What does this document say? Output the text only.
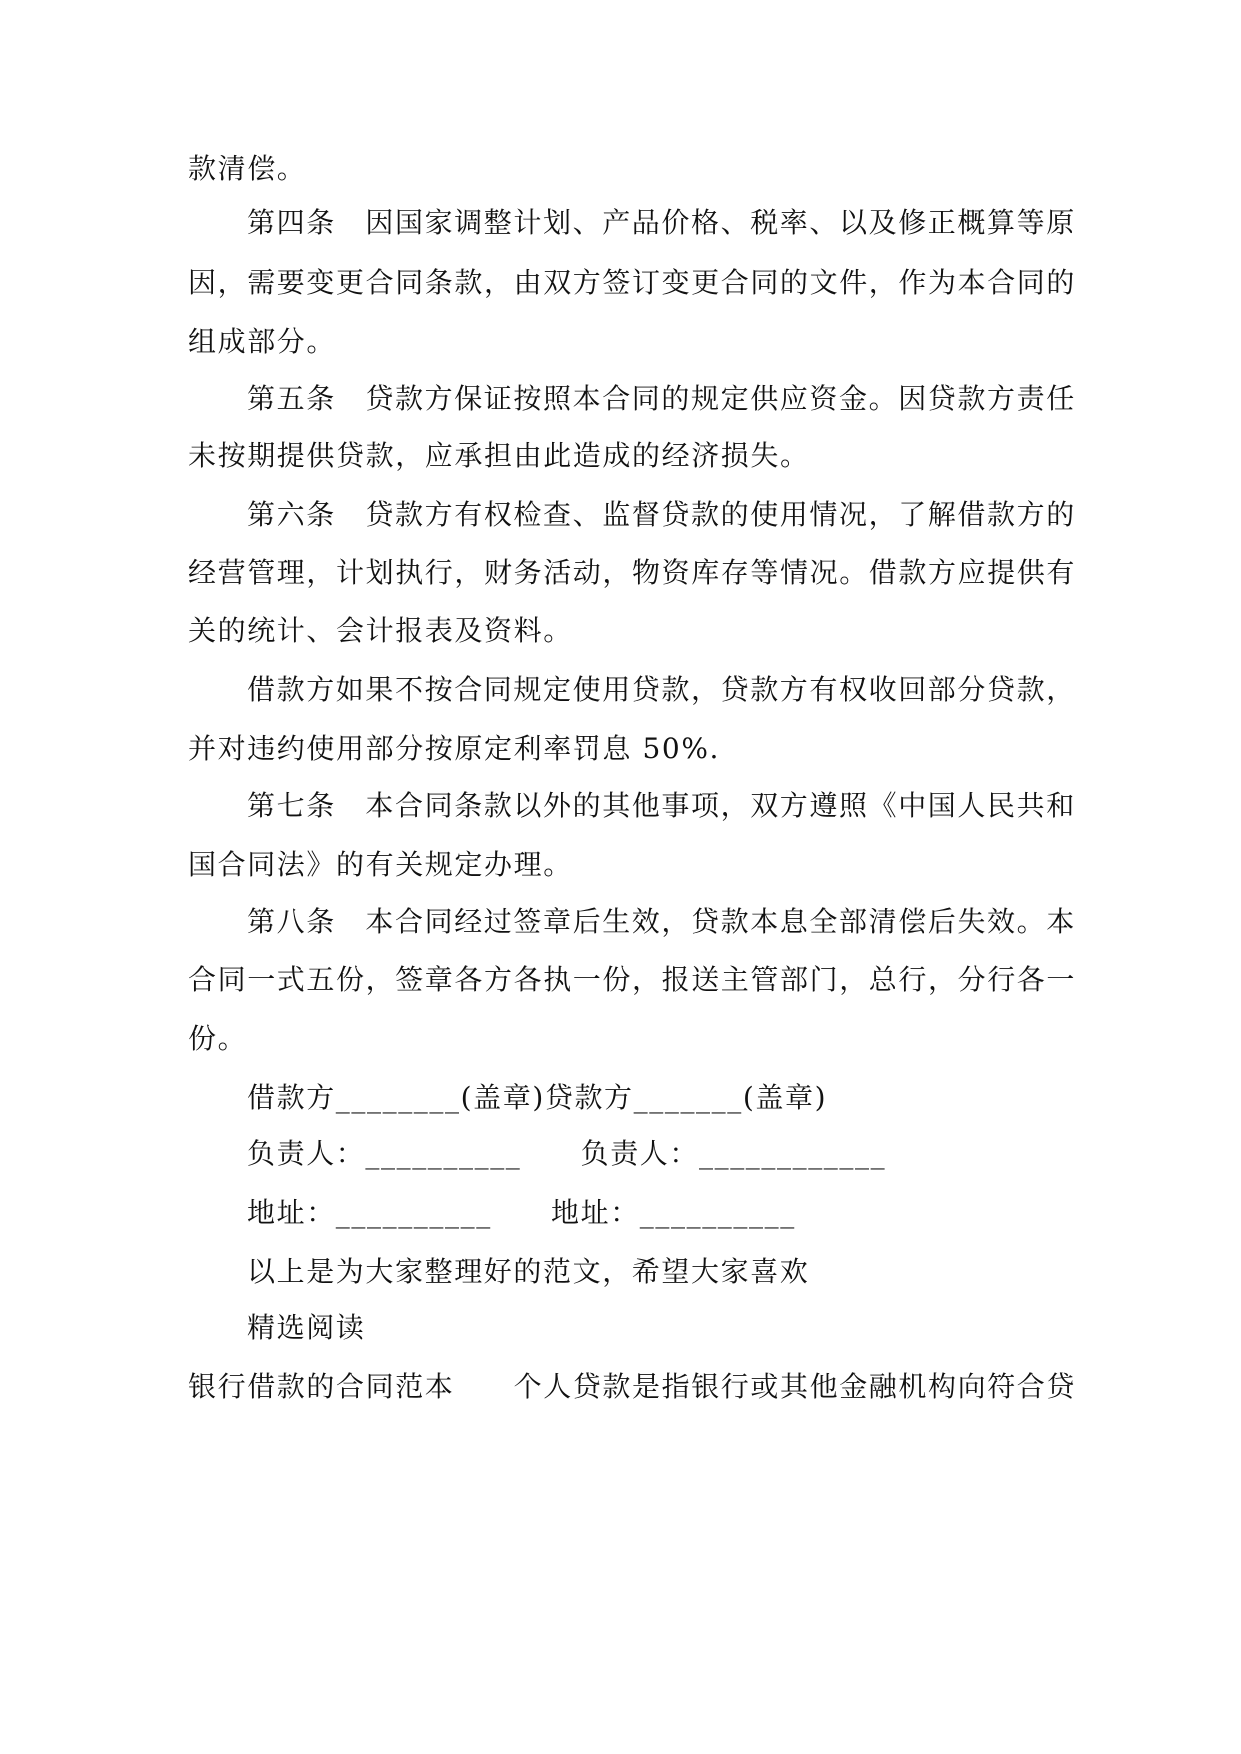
款清偿。
第四条　因国家调整计划、产品价格、税率、以及修正概算等原
因，需要变更合同条款，由双方签订变更合同的文件，作为本合同的
组成部分。
第五条　贷款方保证按照本合同的规定供应资金。因贷款方责任
未按期提供贷款，应承担由此造成的经济损失。
第六条　贷款方有权检查、监督贷款的使用情况，了解借款方的
经营管理，计划执行，财务活动，物资库存等情况。借款方应提供有
关的统计、会计报表及资料。
借款方如果不按合同规定使用贷款，贷款方有权收回部分贷款，
并对违约使用部分按原定利率罚息 50%.
第七条　本合同条款以外的其他事项，双方遵照《中国人民共和
国合同法》的有关规定办理。
第八条　本合同经过签章后生效，贷款本息全部清偿后失效。本
合同一式五份，签章各方各执一份，报送主管部门，总行，分行各一
份。
借款方________(盖章)贷款方_______(盖章)
负责人：__________　　负责人：____________
地址：__________　　地址：__________
以上是为大家整理好的范文，希望大家喜欢
精选阅读
银行借款的合同范本　　个人贷款是指银行或其他金融机构向符合贷
